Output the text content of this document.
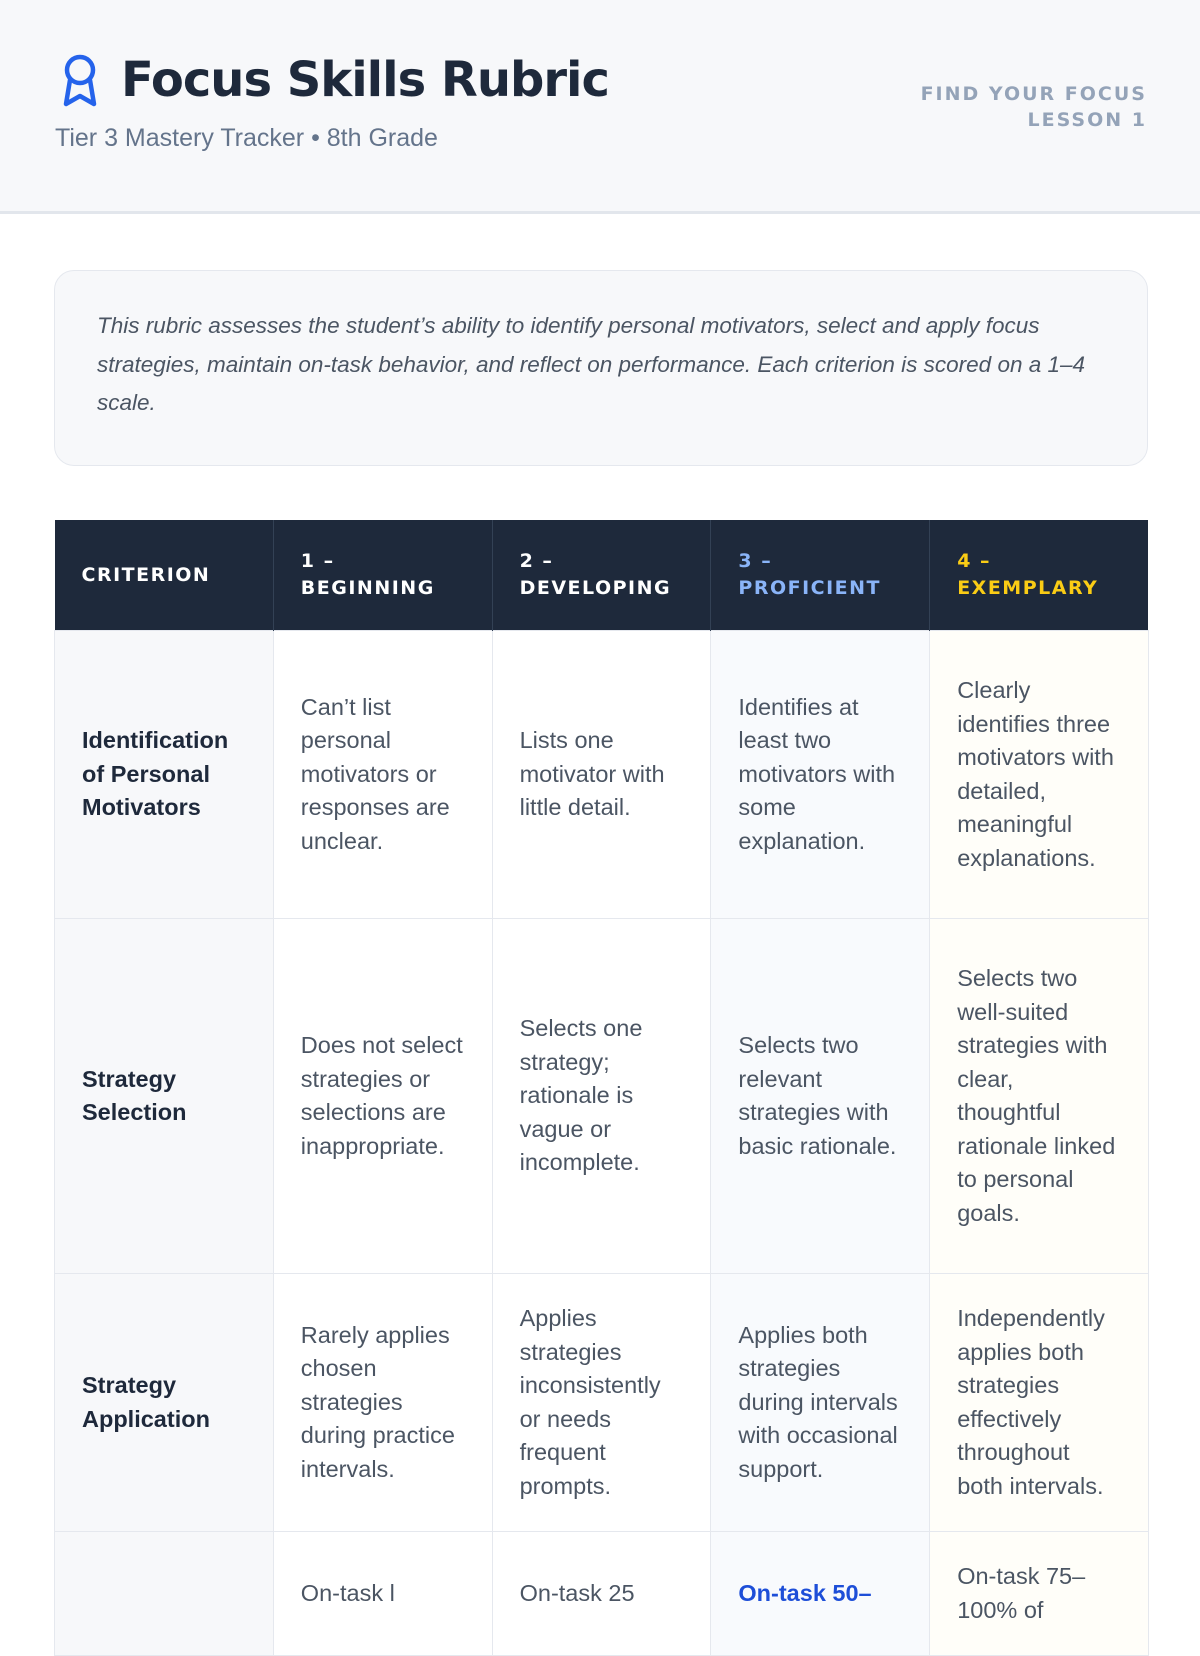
Focus Skills Rubric
Tier 3 Mastery Tracker • 8th Grade
FIND YOUR FOCUS
LESSON 1
This rubric assesses the student’s ability to identify personal motivators, select and apply focus strategies, maintain on-task behavior, and reflect on performance. Each criterion is scored on a 1–4 scale.
CRITERION	1 – BEGINNING	2 – DEVELOPING	3 – PROFICIENT	4 – EXEMPLARY
Identification of Personal Motivators	Can’t list personal motivators or responses are unclear.	Lists one motivator with little detail.	Identifies at least two motivators with some explanation.	Clearly identifies three motivators with detailed, meaningful explanations.
Strategy Selection	Does not select strategies or selections are inappropriate.	Selects one strategy; rationale is vague or incomplete.	Selects two relevant strategies with basic rationale.	Selects two well-suited strategies with clear, thoughtful rationale linked to personal goals.
Strategy Application	Rarely applies chosen strategies during practice intervals.	Applies strategies inconsistently or needs frequent prompts.	Applies both strategies during intervals with occasional support.	Independently applies both strategies effectively throughout both intervals.
	On-task l	On-task 25	On-task 50–	On-task 75– 100% of
